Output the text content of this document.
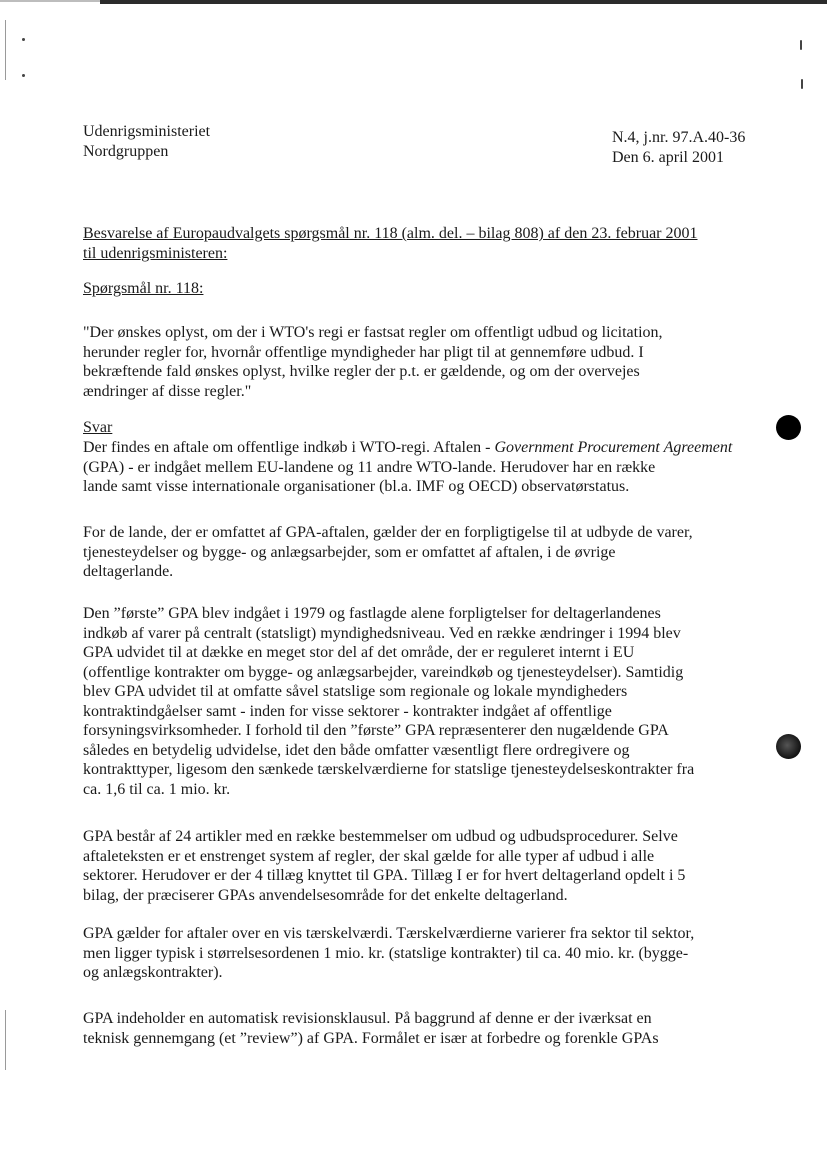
Udenrigsministeriet
Nordgruppen
N.4, j.nr. 97.A.40-36
Den 6. april 2001
Besvarelse af Europaudvalgets spørgsmål nr. 118 (alm. del. – bilag 808) af den 23. februar 2001
til udenrigsministeren:
Spørgsmål nr. 118:
"Der ønskes oplyst, om der i WTO's regi er fastsat regler om offentligt udbud og licitation,
herunder regler for, hvornår offentlige myndigheder har pligt til at gennemføre udbud. I
bekræftende fald ønskes oplyst, hvilke regler der p.t. er gældende, og om der overvejes
ændringer af disse regler."
Svar
Der findes en aftale om offentlige indkøb i WTO-regi. Aftalen - Government Procurement Agreement
(GPA) - er indgået mellem EU-landene og 11 andre WTO-lande. Herudover har en række
lande samt visse internationale organisationer (bl.a. IMF og OECD) observatørstatus.
For de lande, der er omfattet af GPA-aftalen, gælder der en forpligtigelse til at udbyde de varer,
tjenesteydelser og bygge- og anlægsarbejder, som er omfattet af aftalen, i de øvrige
deltagerlande.
Den ”første” GPA blev indgået i 1979 og fastlagde alene forpligtelser for deltagerlandenes
indkøb af varer på centralt (statsligt) myndighedsniveau. Ved en række ændringer i 1994 blev
GPA udvidet til at dække en meget stor del af det område, der er reguleret internt i EU
(offentlige kontrakter om bygge- og anlægsarbejder, vareindkøb og tjenesteydelser). Samtidig
blev GPA udvidet til at omfatte såvel statslige som regionale og lokale myndigheders
kontraktindgåelser samt - inden for visse sektorer - kontrakter indgået af offentlige
forsyningsvirksomheder. I forhold til den ”første” GPA repræsenterer den nugældende GPA
således en betydelig udvidelse, idet den både omfatter væsentligt flere ordregivere og
kontrakttyper, ligesom den sænkede tærskelværdierne for statslige tjenesteydelseskontrakter fra
ca. 1,6 til ca. 1 mio. kr.
GPA består af 24 artikler med en række bestemmelser om udbud og udbudsprocedurer. Selve
aftaleteksten er et enstrenget system af regler, der skal gælde for alle typer af udbud i alle
sektorer. Herudover er der 4 tillæg knyttet til GPA. Tillæg I er for hvert deltagerland opdelt i 5
bilag, der præciserer GPAs anvendelsesområde for det enkelte deltagerland.
GPA gælder for aftaler over en vis tærskelværdi. Tærskelværdierne varierer fra sektor til sektor,
men ligger typisk i størrelsesordenen 1 mio. kr. (statslige kontrakter) til ca. 40 mio. kr. (bygge-
og anlægskontrakter).
GPA indeholder en automatisk revisionsklausul. På baggrund af denne er der iværksat en
teknisk gennemgang (et ”review”) af GPA. Formålet er især at forbedre og forenkle GPAs
